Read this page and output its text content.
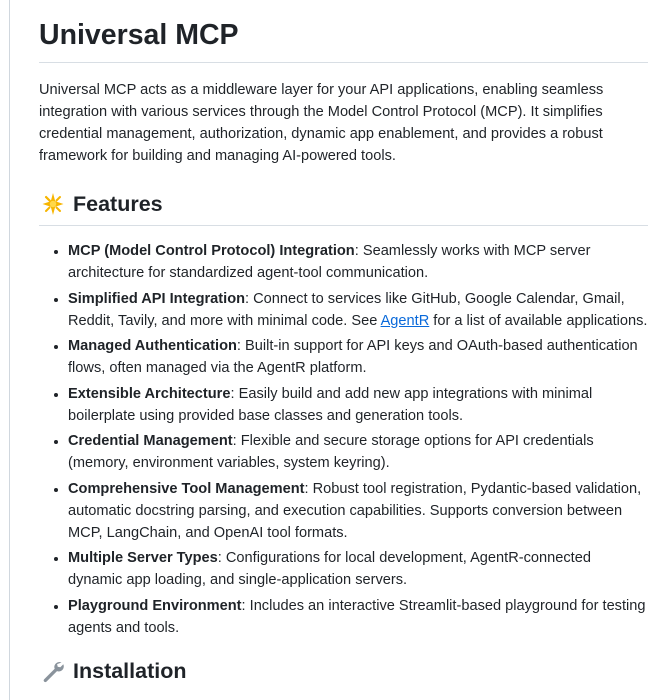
Universal MCP

Universal MCP acts as a middleware layer for your API applications, enabling seamless integration with various services through the Model Control Protocol (MCP). It simplifies credential management, authorization, dynamic app enablement, and provides a robust framework for building and managing AI-powered tools.

Features
• MCP (Model Control Protocol) Integration: Seamlessly works with MCP server architecture for standardized agent-tool communication.
• Simplified API Integration: Connect to services like GitHub, Google Calendar, Gmail, Reddit, Tavily, and more with minimal code. See AgentR for a list of available applications.
• Managed Authentication: Built-in support for API keys and OAuth-based authentication flows, often managed via the AgentR platform.
• Extensible Architecture: Easily build and add new app integrations with minimal boilerplate using provided base classes and generation tools.
• Credential Management: Flexible and secure storage options for API credentials (memory, environment variables, system keyring).
• Comprehensive Tool Management: Robust tool registration, Pydantic-based validation, automatic docstring parsing, and execution capabilities. Supports conversion between MCP, LangChain, and OpenAI tool formats.
• Multiple Server Types: Configurations for local development, AgentR-connected dynamic app loading, and single-application servers.
• Playground Environment: Includes an interactive Streamlit-based playground for testing agents and tools.
Installation
